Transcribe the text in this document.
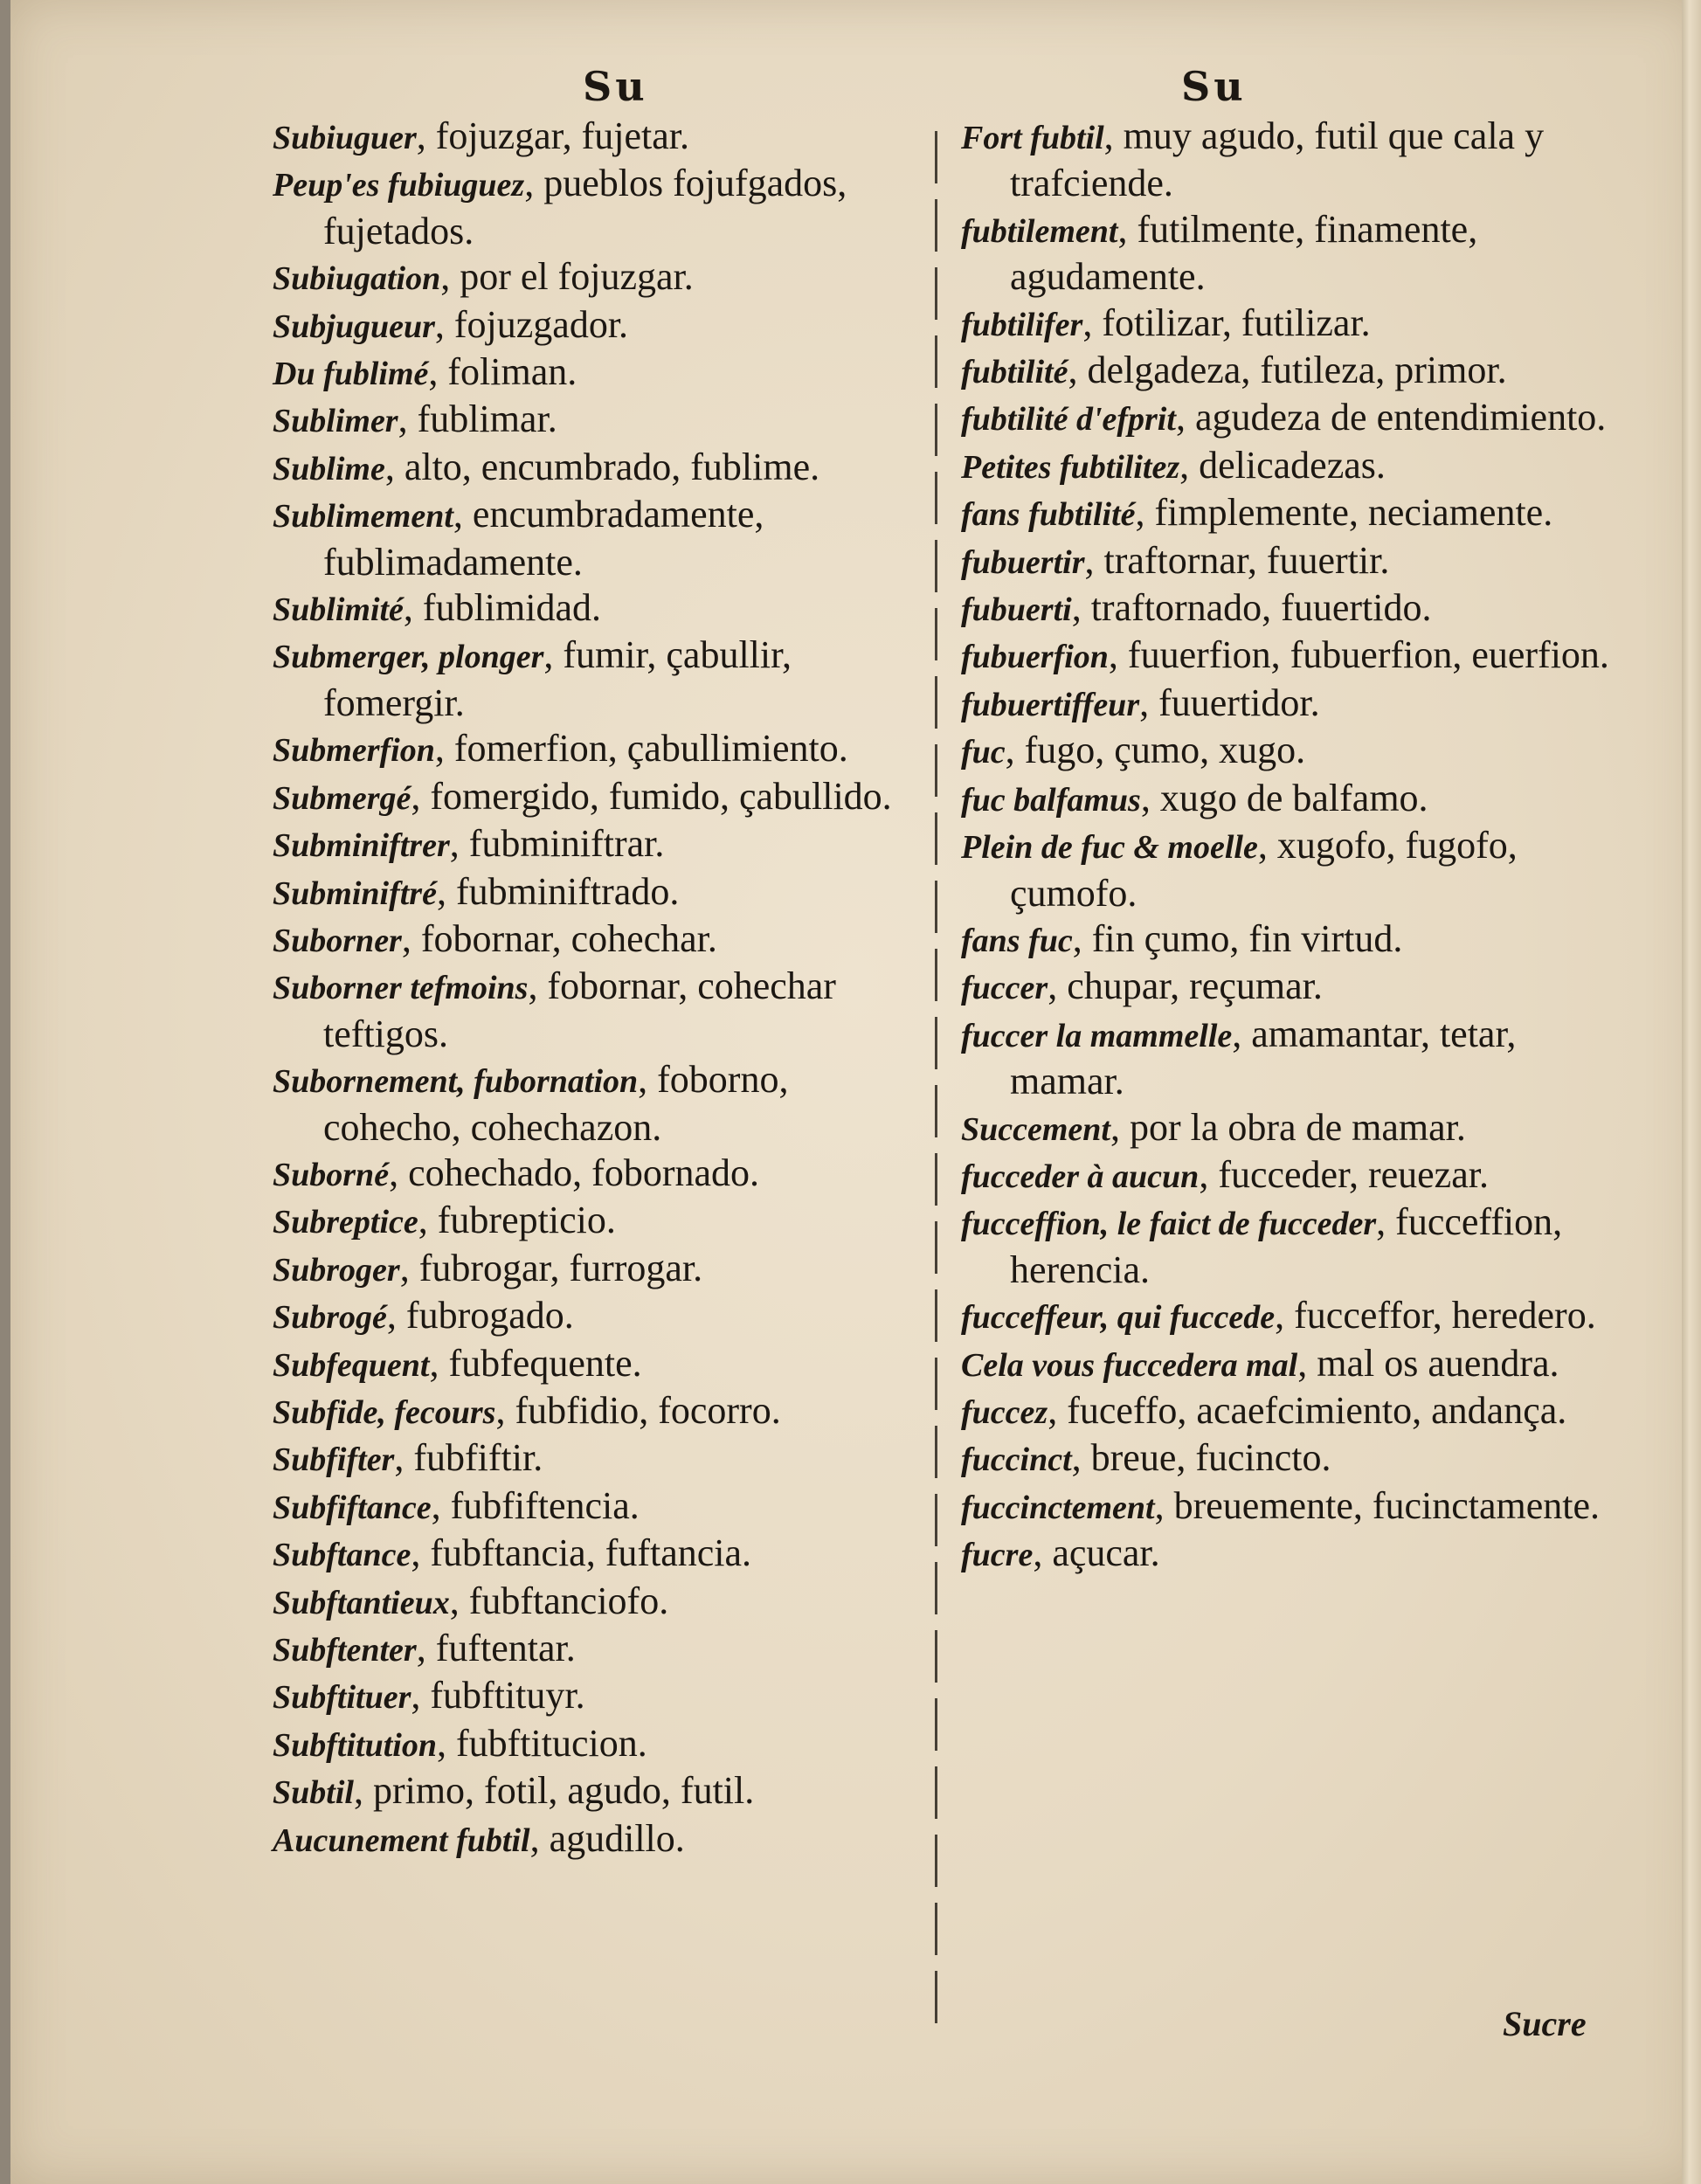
Su	Su
Subiuguer, fojuzgar, fujetar.
Peup'es fubiuguez, pueblos fojufgados, fujetados.
Subiugation, por el fojuzgar.
Subjugueur, fojuzgador.
Du fublimé, foliman.
Sublimer, fublimar.
Sublime, alto, encumbrado, fublime.
Sublimement, encumbradamente, fublimadamente.
Sublimité, fublimidad.
Submerger, plonger, fumir, çabullir, fomergir.
Submerfion, fomerfion, çabullimiento.
Submergé, fomergido, fumido, çabullido.
Subminiftrer, fubminiftrar.
Subminiftré, fubminiftrado.
Suborner, fobornar, cohechar.
Suborner tefmoins, fobornar, cohechar teftigos.
Subornement, fubornation, foborno, cohecho, cohechazon.
Suborné, cohechado, fobornado.
Subreptice, fubrepticio.
Subroger, fubrogar, furrogar.
Subrogé, fubrogado.
Subfequent, fubfequente.
Subfide, fecours, fubfidio, focorro.
Subfifter, fubfiftir.
Subfiftance, fubfiftencia.
Subftance, fubftancia, fuftancia.
Subftantieux, fubftanciofo.
Subftenter, fuftentar.
Subftituer, fubftituyr.
Subftitution, fubftitucion.
Subtil, primo, fotil, agudo, futil.
Aucunement fubtil, agudillo.
Fort fubtil, muy agudo, futil que cala y trafciende.
fubtilement, futilmente, finamente, agudamente.
fubtilifer, fotilizar, futilizar.
fubtilité, delgadeza, futileza, primor.
fubtilité d'efprit, agudeza de entendimiento.
Petites fubtilitez, delicadezas.
fans fubtilité, fimplemente, neciamente.
fubuertir, traftornar, fuuertir.
fubuerti, traftornado, fuuertido.
fubuerfion, fuuerfion, fubuerfion, euerfion.
fubuertiffeur, fuuertidor.
fuc, fugo, çumo, xugo.
fuc balfamus, xugo de balfamo.
Plein de fuc & moelle, xugofo, fugofo, çumofo.
fans fuc, fin çumo, fin virtud.
fuccer, chupar, reçumar.
fuccer la mammelle, amamantar, tetar, mamar.
Succement, por la obra de mamar.
fucceder à aucun, fucceder, reuezar.
fucceffion, le faict de fucceder, fucceffion, herencia.
fucceffeur, qui fuccede, fucceffor, heredero.
Cela vous fuccedera mal, mal os auendra.
fuccez, fuceffo, acaefcimiento, andança.
fuccinct, breue, fucincto.
fuccinctement, breuemente, fucinctamente.
fucre, açucar.
Sucre
